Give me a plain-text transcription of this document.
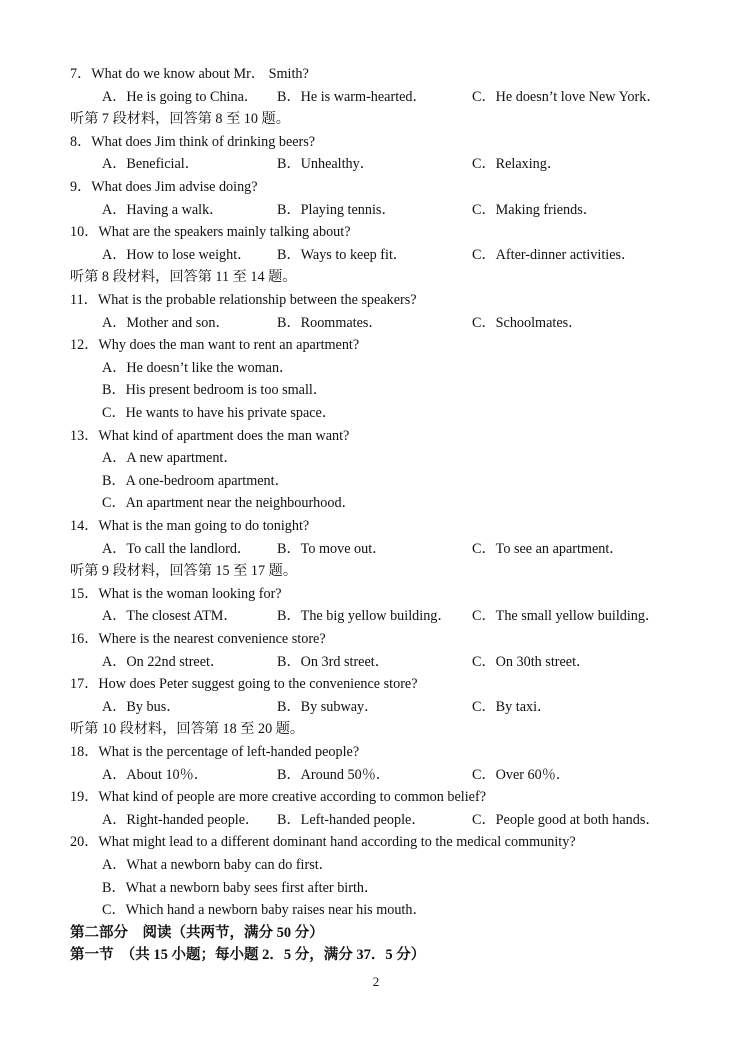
7．What do we know about Mr． Smith?
A．He is going to China． B．He is warm-hearted．	C．He doesn’t love New York．
听第 7 段材料，回答第 8 至 10 题。
8．What does Jim think of drinking beers?
A．Beneficial．	B．Unhealthy．	C．Relaxing．
9．What does Jim advise doing?
A．Having a walk．	B．Playing tennis．	C．Making friends．
10．What are the speakers mainly talking about?
A．How to lose weight． B．Ways to keep fit．	C．After-dinner activities．
听第 8 段材料，回答第 11 至 14 题。
11．What is the probable relationship between the speakers?
A．Mother and son．	B．Roommates．	C．Schoolmates．
12．Why does the man want to rent an apartment?
A．He doesn’t like the woman．
B．His present bedroom is too small．
C．He wants to have his private space．
13．What kind of apartment does the man want?
A．A new apartment．
B．A one-bedroom apartment．
C．An apartment near the neighbourhood．
14．What is the man going to do tonight?
A．To call the landlord． B．To move out．	C．To see an apartment．
听第 9 段材料，回答第 15 至 17 题。
15．What is the woman looking for?
A．The closest ATM．	B．The big yellow building． C．The small yellow building．
16．Where is the nearest convenience store?
A．On 22nd street．	B．On 3rd street．	C．On 30th street．
17．How does Peter suggest going to the convenience store?
A．By bus．	B．By subway．	C．By taxi．
听第 10 段材料，回答第 18 至 20 题。
18．What is the percentage of left-handed people?
A．About 10％．	B．Around 50％．	C．Over 60％．
19．What kind of people are more creative according to common belief?
A．Right-handed people． B．Left-handed people．	C．People good at both hands．
20．What might lead to a different dominant hand according to the medical community?
A．What a newborn baby can do first．
B．What a newborn baby sees first after birth．
C．Which hand a newborn baby raises near his mouth．
第二部分　阅读（共两节，满分 50 分）
第一节　（共 15 小题；每小题 2．5 分，满分 37．5 分）
2
